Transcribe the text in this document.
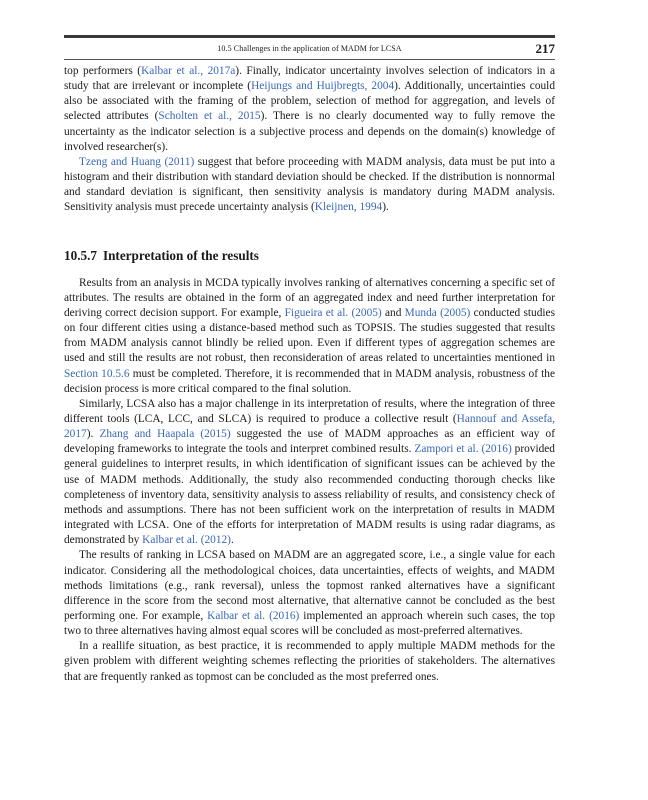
10.5 Challenges in the application of MADM for LCSA	217

top performers (Kalbar et al., 2017a). Finally, indicator uncertainty involves selection of indicators in a study that are irrelevant or incomplete (Heijungs and Huijbregts, 2004). Additionally, uncertainties could also be associated with the framing of the problem, selection of method for aggregation, and levels of selected attributes (Scholten et al., 2015). There is no clearly documented way to fully remove the uncertainty as the indicator selection is a subjective process and depends on the domain(s) knowledge of involved researcher(s).

Tzeng and Huang (2011) suggest that before proceeding with MADM analysis, data must be put into a histogram and their distribution with standard deviation should be checked. If the distribution is nonnormal and standard deviation is significant, then sensitivity analysis is mandatory during MADM analysis. Sensitivity analysis must precede uncertainty analysis (Kleijnen, 1994).

10.5.7 Interpretation of the results

Results from an analysis in MCDA typically involves ranking of alternatives concerning a specific set of attributes. The results are obtained in the form of an aggregated index and need further interpretation for deriving correct decision support. For example, Figueira et al. (2005) and Munda (2005) conducted studies on four different cities using a distance-based method such as TOPSIS. The studies suggested that results from MADM analysis cannot blindly be relied upon. Even if different types of aggregation schemes are used and still the results are not robust, then reconsideration of areas related to uncertainties mentioned in Section 10.5.6 must be completed. Therefore, it is recommended that in MADM analysis, robustness of the decision process is more critical compared to the final solution.

Similarly, LCSA also has a major challenge in its interpretation of results, where the integration of three different tools (LCA, LCC, and SLCA) is required to produce a collective result (Hannouf and Assefa, 2017). Zhang and Haapala (2015) suggested the use of MADM approaches as an efficient way of developing frameworks to integrate the tools and interpret combined results. Zampori et al. (2016) provided general guidelines to interpret results, in which identification of significant issues can be achieved by the use of MADM methods. Additionally, the study also recommended conducting thorough checks like completeness of inventory data, sensitivity analysis to assess reliability of results, and consistency check of methods and assumptions. There has not been sufficient work on the interpretation of results in MADM integrated with LCSA. One of the efforts for interpretation of MADM results is using radar diagrams, as demonstrated by Kalbar et al. (2012).

The results of ranking in LCSA based on MADM are an aggregated score, i.e., a single value for each indicator. Considering all the methodological choices, data uncertainties, effects of weights, and MADM methods limitations (e.g., rank reversal), unless the topmost ranked alternatives have a significant difference in the score from the second most alternative, that alternative cannot be concluded as the best performing one. For example, Kalbar et al. (2016) implemented an approach wherein such cases, the top two to three alternatives having almost equal scores will be concluded as most-preferred alternatives.

In a reallife situation, as best practice, it is recommended to apply multiple MADM methods for the given problem with different weighting schemes reflecting the priorities of stakeholders. The alternatives that are frequently ranked as topmost can be concluded as the most preferred ones.
